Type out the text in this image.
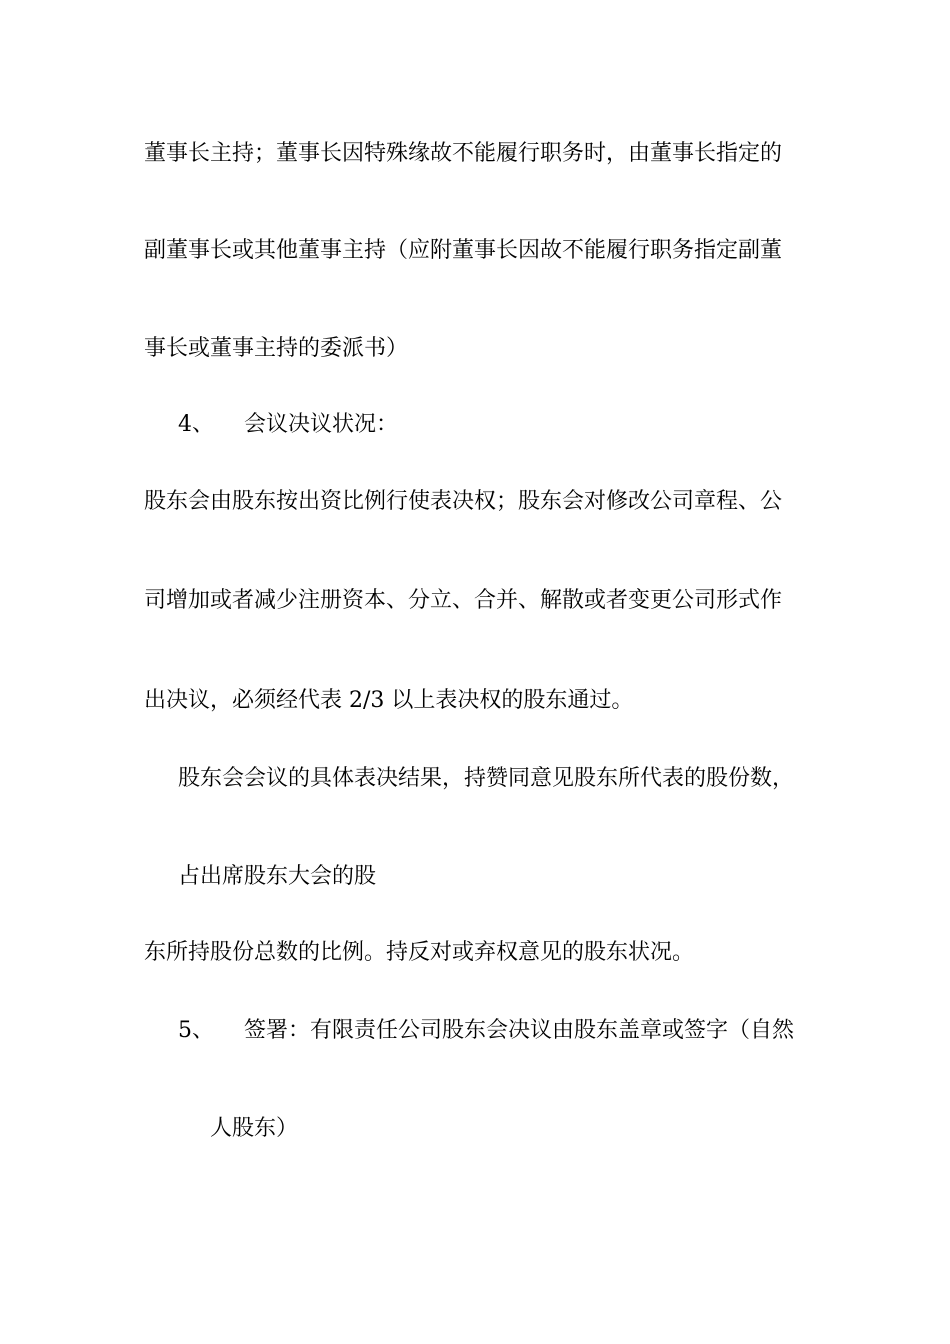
董事长主持；董事长因特殊缘故不能履行职务时，由董事长指定的

副董事长或其他董事主持（应附董事长因故不能履行职务指定副董

事长或董事主持的委派书）

4、 会议决议状况：

股东会由股东按出资比例行使表决权；股东会对修改公司章程、公

司增加或者减少注册资本、分立、合并、解散或者变更公司形式作

出决议，必须经代表 2/3 以上表决权的股东通过。

股东会会议的具体表决结果，持赞同意见股东所代表的股份数，

占出席股东大会的股

东所持股份总数的比例。持反对或弃权意见的股东状况。

5、 签署：有限责任公司股东会决议由股东盖章或签字（自然

人股东）
